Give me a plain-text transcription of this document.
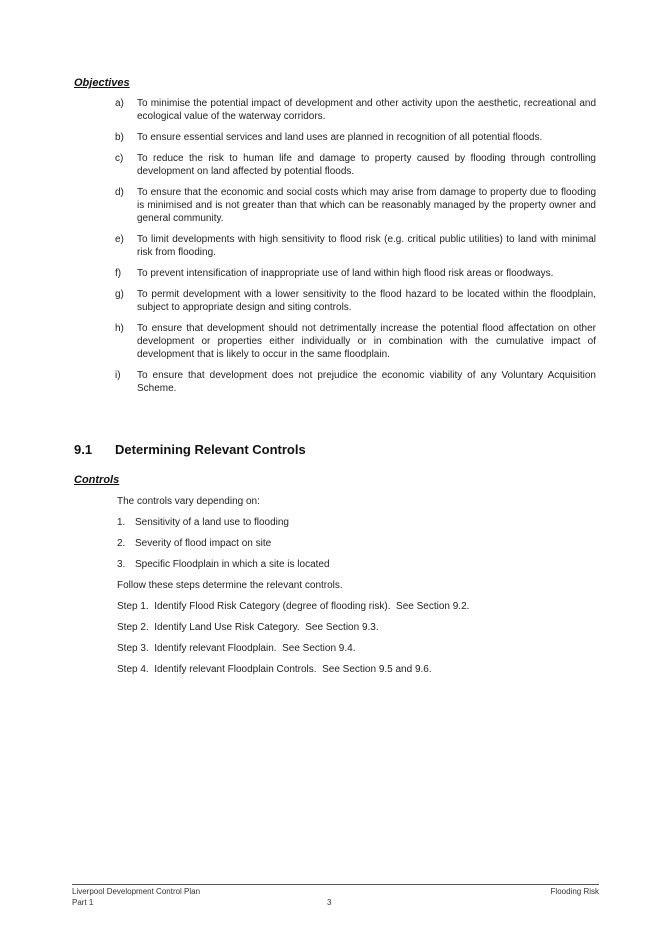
Objectives
a) To minimise the potential impact of development and other activity upon the aesthetic, recreational and ecological value of the waterway corridors.
b) To ensure essential services and land uses are planned in recognition of all potential floods.
c) To reduce the risk to human life and damage to property caused by flooding through controlling development on land affected by potential floods.
d) To ensure that the economic and social costs which may arise from damage to property due to flooding is minimised and is not greater than that which can be reasonably managed by the property owner and general community.
e) To limit developments with high sensitivity to flood risk (e.g. critical public utilities) to land with minimal risk from flooding.
f) To prevent intensification of inappropriate use of land within high flood risk areas or floodways.
g) To permit development with a lower sensitivity to the flood hazard to be located within the floodplain, subject to appropriate design and siting controls.
h) To ensure that development should not detrimentally increase the potential flood affectation on other development or properties either individually or in combination with the cumulative impact of development that is likely to occur in the same floodplain.
i) To ensure that development does not prejudice the economic viability of any Voluntary Acquisition Scheme.
9.1 Determining Relevant Controls
Controls

The controls vary depending on:

1. Sensitivity of a land use to flooding

2. Severity of flood impact on site

3. Specific Floodplain in which a site is located

Follow these steps determine the relevant controls.

Step 1.  Identify Flood Risk Category (degree of flooding risk).  See Section 9.2.

Step 2.  Identify Land Use Risk Category.  See Section 9.3.

Step 3.  Identify relevant Floodplain.  See Section 9.4.

Step 4.  Identify relevant Floodplain Controls.  See Section 9.5 and 9.6.

Liverpool Development Control Plan
Part 1	3
Flooding Risk
